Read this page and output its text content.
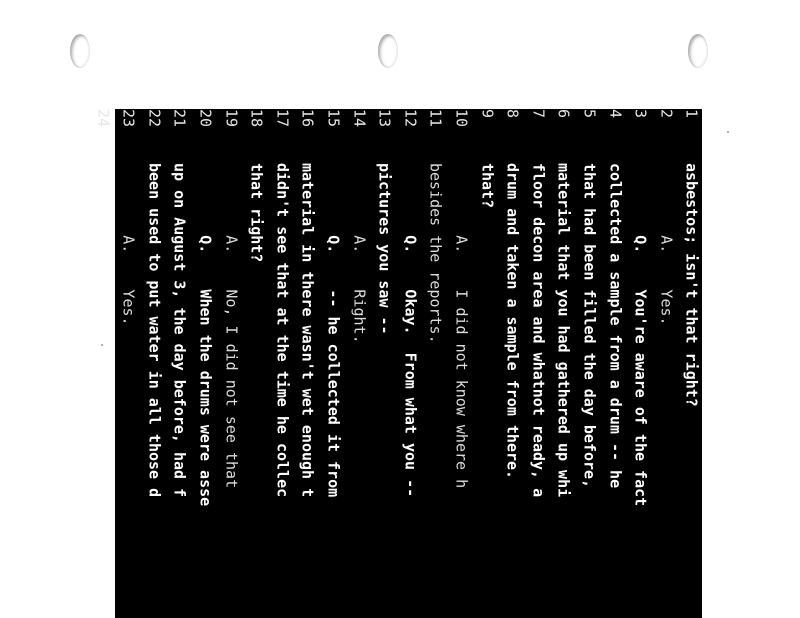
1asbestos; isn't that right?
2        A.    Yes.
3        Q.    You're aware of the fact
4collected a sample from a drum -- he
5that had been filled the day before,
6material that you had gathered up whi
7floor decon area and whatnot ready, a
8drum and taken a sample from there.
9that?
10        A.    I did not know where h
11besides the reports.
12        Q.    Okay.  From what you --
13pictures you saw --
14        A.    Right.
15        Q.    -- he collected it from
16material in there wasn't wet enough t
17didn't see that at the time he collec
18that right?
19        A.    No, I did not see that
20        Q.    When the drums were asse
21up on August 3, the day before, had f
22been used to put water in all those d
23        A.    Yes.
24        Q.    But no one from General
